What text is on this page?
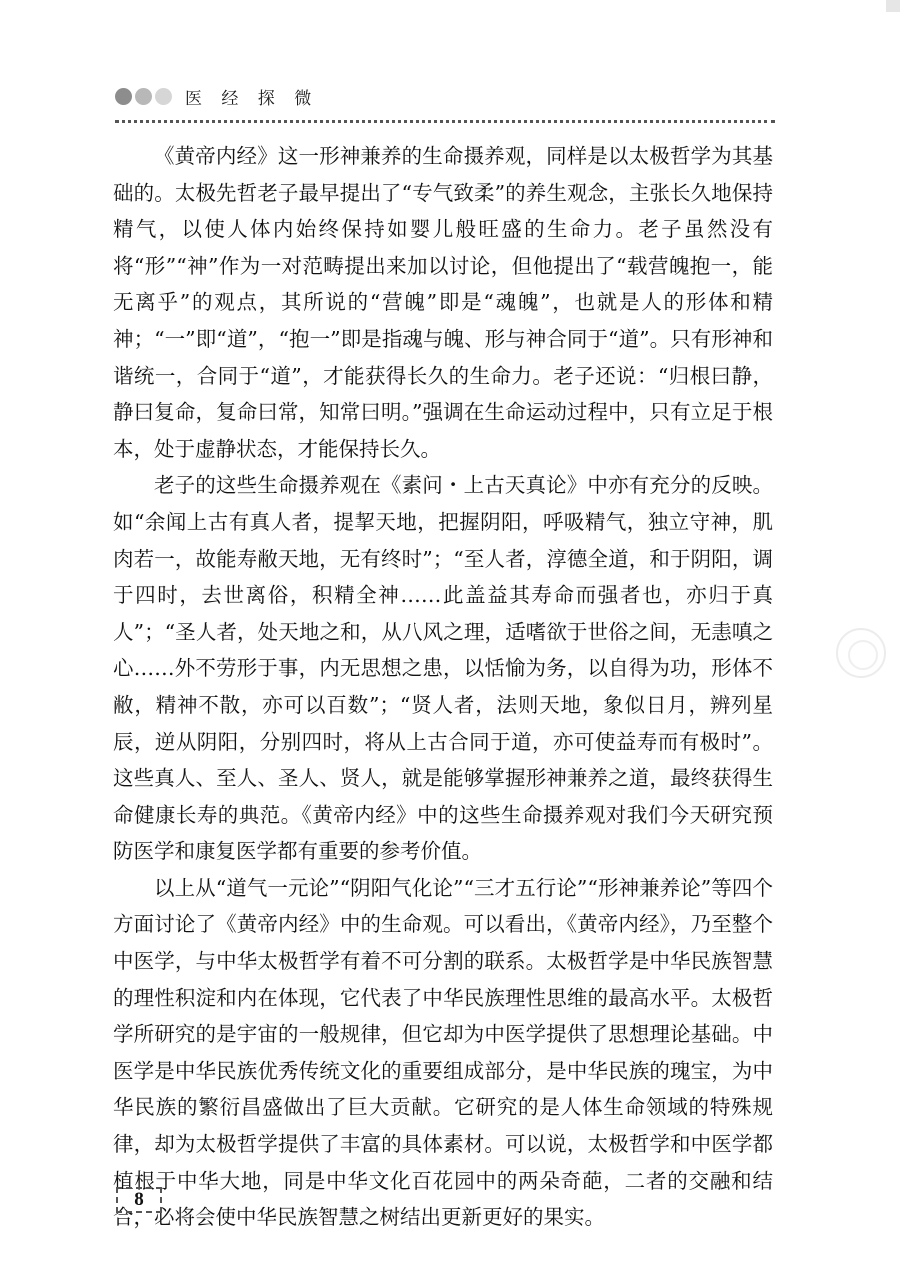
医 经 探 微

《黄帝内经》这一形神兼养的生命摄养观，同样是以太极哲学为其基础的。太极先哲老子最早提出了“专气致柔”的养生观念，主张长久地保持精气，以使人体内始终保持如婴儿般旺盛的生命力。老子虽然没有将“形”“神”作为一对范畴提出来加以讨论，但他提出了“载营魄抱一，能无离乎”的观点，其所说的“营魄”即是“魂魄”，也就是人的形体和精神；“一”即“道”，“抱一”即是指魂与魄、形与神合同于“道”。只有形神和谐统一，合同于“道”，才能获得长久的生命力。老子还说：“归根曰静，静曰复命，复命曰常，知常曰明。”强调在生命运动过程中，只有立足于根本，处于虚静状态，才能保持长久。

老子的这些生命摄养观在《素问・上古天真论》中亦有充分的反映。如“余闻上古有真人者，提挈天地，把握阴阳，呼吸精气，独立守神，肌肉若一，故能寿敝天地，无有终时”；“至人者，淳德全道，和于阴阳，调于四时，去世离俗，积精全神……此盖益其寿命而强者也，亦归于真人”；“圣人者，处天地之和，从八风之理，适嗜欲于世俗之间，无恚嗔之心……外不劳形于事，内无思想之患，以恬愉为务，以自得为功，形体不敝，精神不散，亦可以百数”；“贤人者，法则天地，象似日月，辨列星辰，逆从阴阳，分别四时，将从上古合同于道，亦可使益寿而有极时”。这些真人、至人、圣人、贤人，就是能够掌握形神兼养之道，最终获得生命健康长寿的典范。《黄帝内经》中的这些生命摄养观对我们今天研究预防医学和康复医学都有重要的参考价值。

以上从“道气一元论”“阴阳气化论”“三才五行论”“形神兼养论”等四个方面讨论了《黄帝内经》中的生命观。可以看出，《黄帝内经》，乃至整个中医学，与中华太极哲学有着不可分割的联系。太极哲学是中华民族智慧的理性积淀和内在体现，它代表了中华民族理性思维的最高水平。太极哲学所研究的是宇宙的一般规律，但它却为中医学提供了思想理论基础。中医学是中华民族优秀传统文化的重要组成部分，是中华民族的瑰宝，为中华民族的繁衍昌盛做出了巨大贡献。它研究的是人体生命领域的特殊规律，却为太极哲学提供了丰富的具体素材。可以说，太极哲学和中医学都植根于中华大地，同是中华文化百花园中的两朵奇葩，二者的交融和结合，必将会使中华民族智慧之树结出更新更好的果实。

8
